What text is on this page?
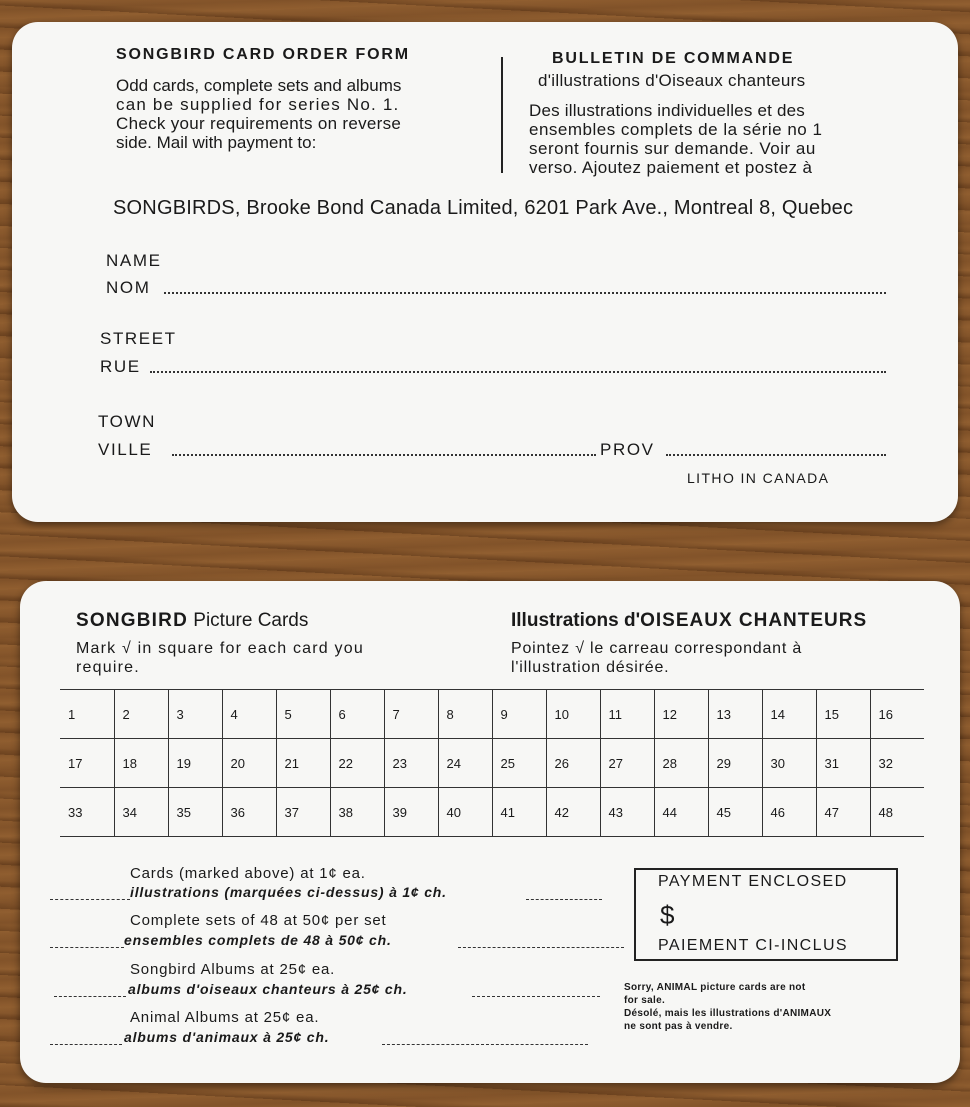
SONGBIRD CARD ORDER FORM
Odd cards, complete sets and albums
can be supplied for series No. 1.
Check your requirements on reverse
side. Mail with payment to:
BULLETIN DE COMMANDE
d'illustrations d'Oiseaux chanteurs
Des illustrations individuelles et des
ensembles complets de la série no 1
seront fournis sur demande. Voir au
verso. Ajoutez paiement et postez à
SONGBIRDS, Brooke Bond Canada Limited, 6201 Park Ave., Montreal 8, Quebec
NAME
NOM
STREET
RUE
TOWN
VILLE	PROV
LITHO IN CANADA
SONGBIRD Picture Cards
Mark √ in square for each card you
require.
Illustrations d'OISEAUX CHANTEURS
Pointez √ le carreau correspondant à
l'illustration désirée.
1	2	3	4	5	6	7	8	9	10	11	12	13	14	15	16
17	18	19	20	21	22	23	24	25	26	27	28	29	30	31	32
33	34	35	36	37	38	39	40	41	42	43	44	45	46	47	48
Cards (marked above) at 1¢ ea.
illustrations (marquées ci-dessus) à 1¢ ch.
Complete sets of 48 at 50¢ per set
ensembles complets de 48 à 50¢ ch.
Songbird Albums at 25¢ ea.
albums d'oiseaux chanteurs à 25¢ ch.
Animal Albums at 25¢ ea.
albums d'animaux à 25¢ ch.
PAYMENT ENCLOSED
$
PAIEMENT CI-INCLUS
Sorry, ANIMAL picture cards are not
for sale.
Désolé, mais les illustrations d'ANIMAUX
ne sont pas à vendre.
